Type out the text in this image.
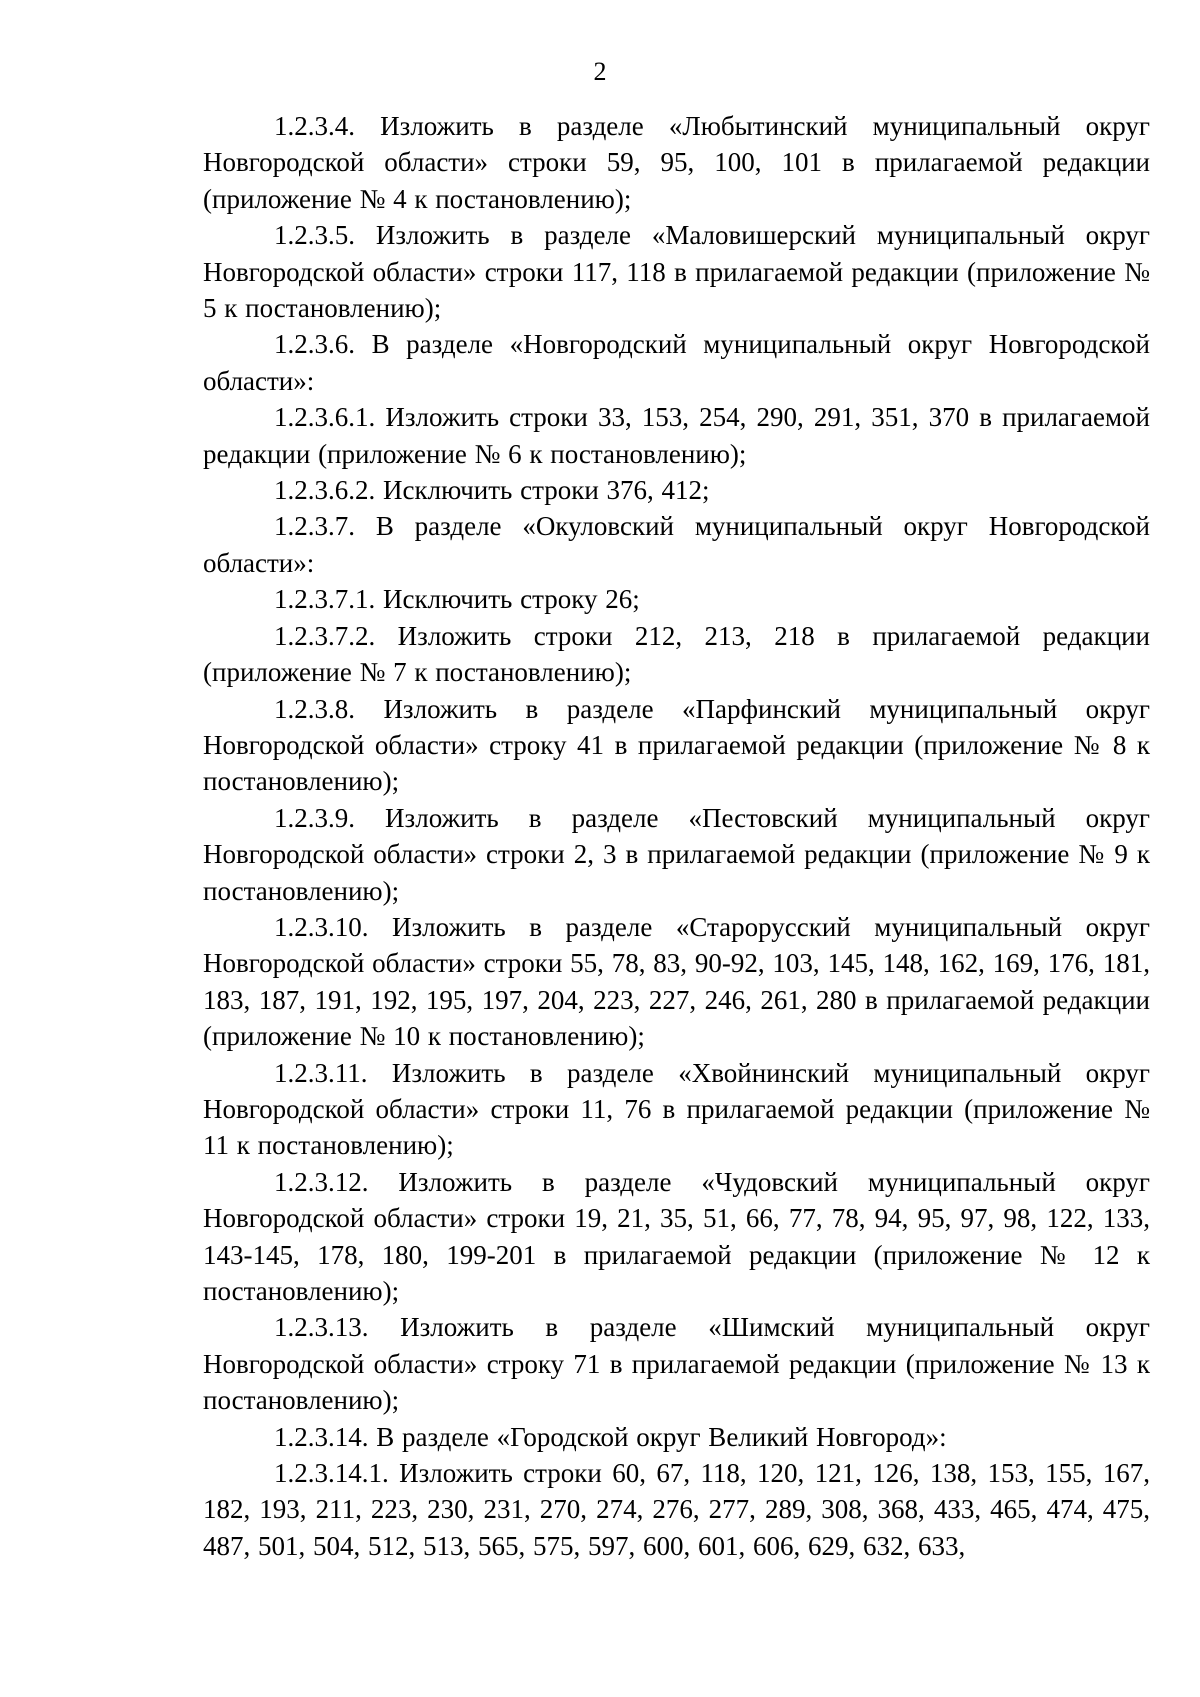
2

1.2.3.4. Изложить в разделе «Любытинский муниципальный округ Новгородской области» строки 59, 95, 100, 101 в прилагаемой редакции (приложение № 4 к постановлению);

1.2.3.5. Изложить в разделе «Маловишерский муниципальный округ Новгородской области» строки 117, 118 в прилагаемой редакции (приложение № 5 к постановлению);

1.2.3.6. В разделе «Новгородский муниципальный округ Новгородской области»:

1.2.3.6.1. Изложить строки 33, 153, 254, 290, 291, 351, 370 в прилагаемой редакции (приложение № 6 к постановлению);

1.2.3.6.2. Исключить строки 376, 412;

1.2.3.7. В разделе «Окуловский муниципальный округ Новгородской области»:

1.2.3.7.1. Исключить строку 26;

1.2.3.7.2. Изложить строки 212, 213, 218 в прилагаемой редакции (приложение № 7 к постановлению);

1.2.3.8. Изложить в разделе «Парфинский муниципальный округ Новгородской области» строку 41 в прилагаемой редакции (приложение № 8 к постановлению);

1.2.3.9. Изложить в разделе «Пестовский муниципальный округ Новгородской области» строки 2, 3 в прилагаемой редакции (приложение № 9 к постановлению);

1.2.3.10. Изложить в разделе «Старорусский муниципальный округ Новгородской области» строки 55, 78, 83, 90-92, 103, 145, 148, 162, 169, 176, 181, 183, 187, 191, 192, 195, 197, 204, 223, 227, 246, 261, 280 в прилагаемой редакции (приложение № 10 к постановлению);

1.2.3.11. Изложить в разделе «Хвойнинский муниципальный округ Новгородской области» строки 11, 76 в прилагаемой редакции (приложение № 11 к постановлению);

1.2.3.12. Изложить в разделе «Чудовский муниципальный округ Новгородской области» строки 19, 21, 35, 51, 66, 77, 78, 94, 95, 97, 98, 122, 133, 143-145, 178, 180, 199-201 в прилагаемой редакции (приложение № 12 к постановлению);

1.2.3.13. Изложить в разделе «Шимский муниципальный округ Новгородской области» строку 71 в прилагаемой редакции (приложение № 13 к постановлению);

1.2.3.14. В разделе «Городской округ Великий Новгород»:

1.2.3.14.1. Изложить строки 60, 67, 118, 120, 121, 126, 138, 153, 155, 167, 182, 193, 211, 223, 230, 231, 270, 274, 276, 277, 289, 308, 368, 433, 465, 474, 475, 487, 501, 504, 512, 513, 565, 575, 597, 600, 601, 606, 629, 632, 633,
